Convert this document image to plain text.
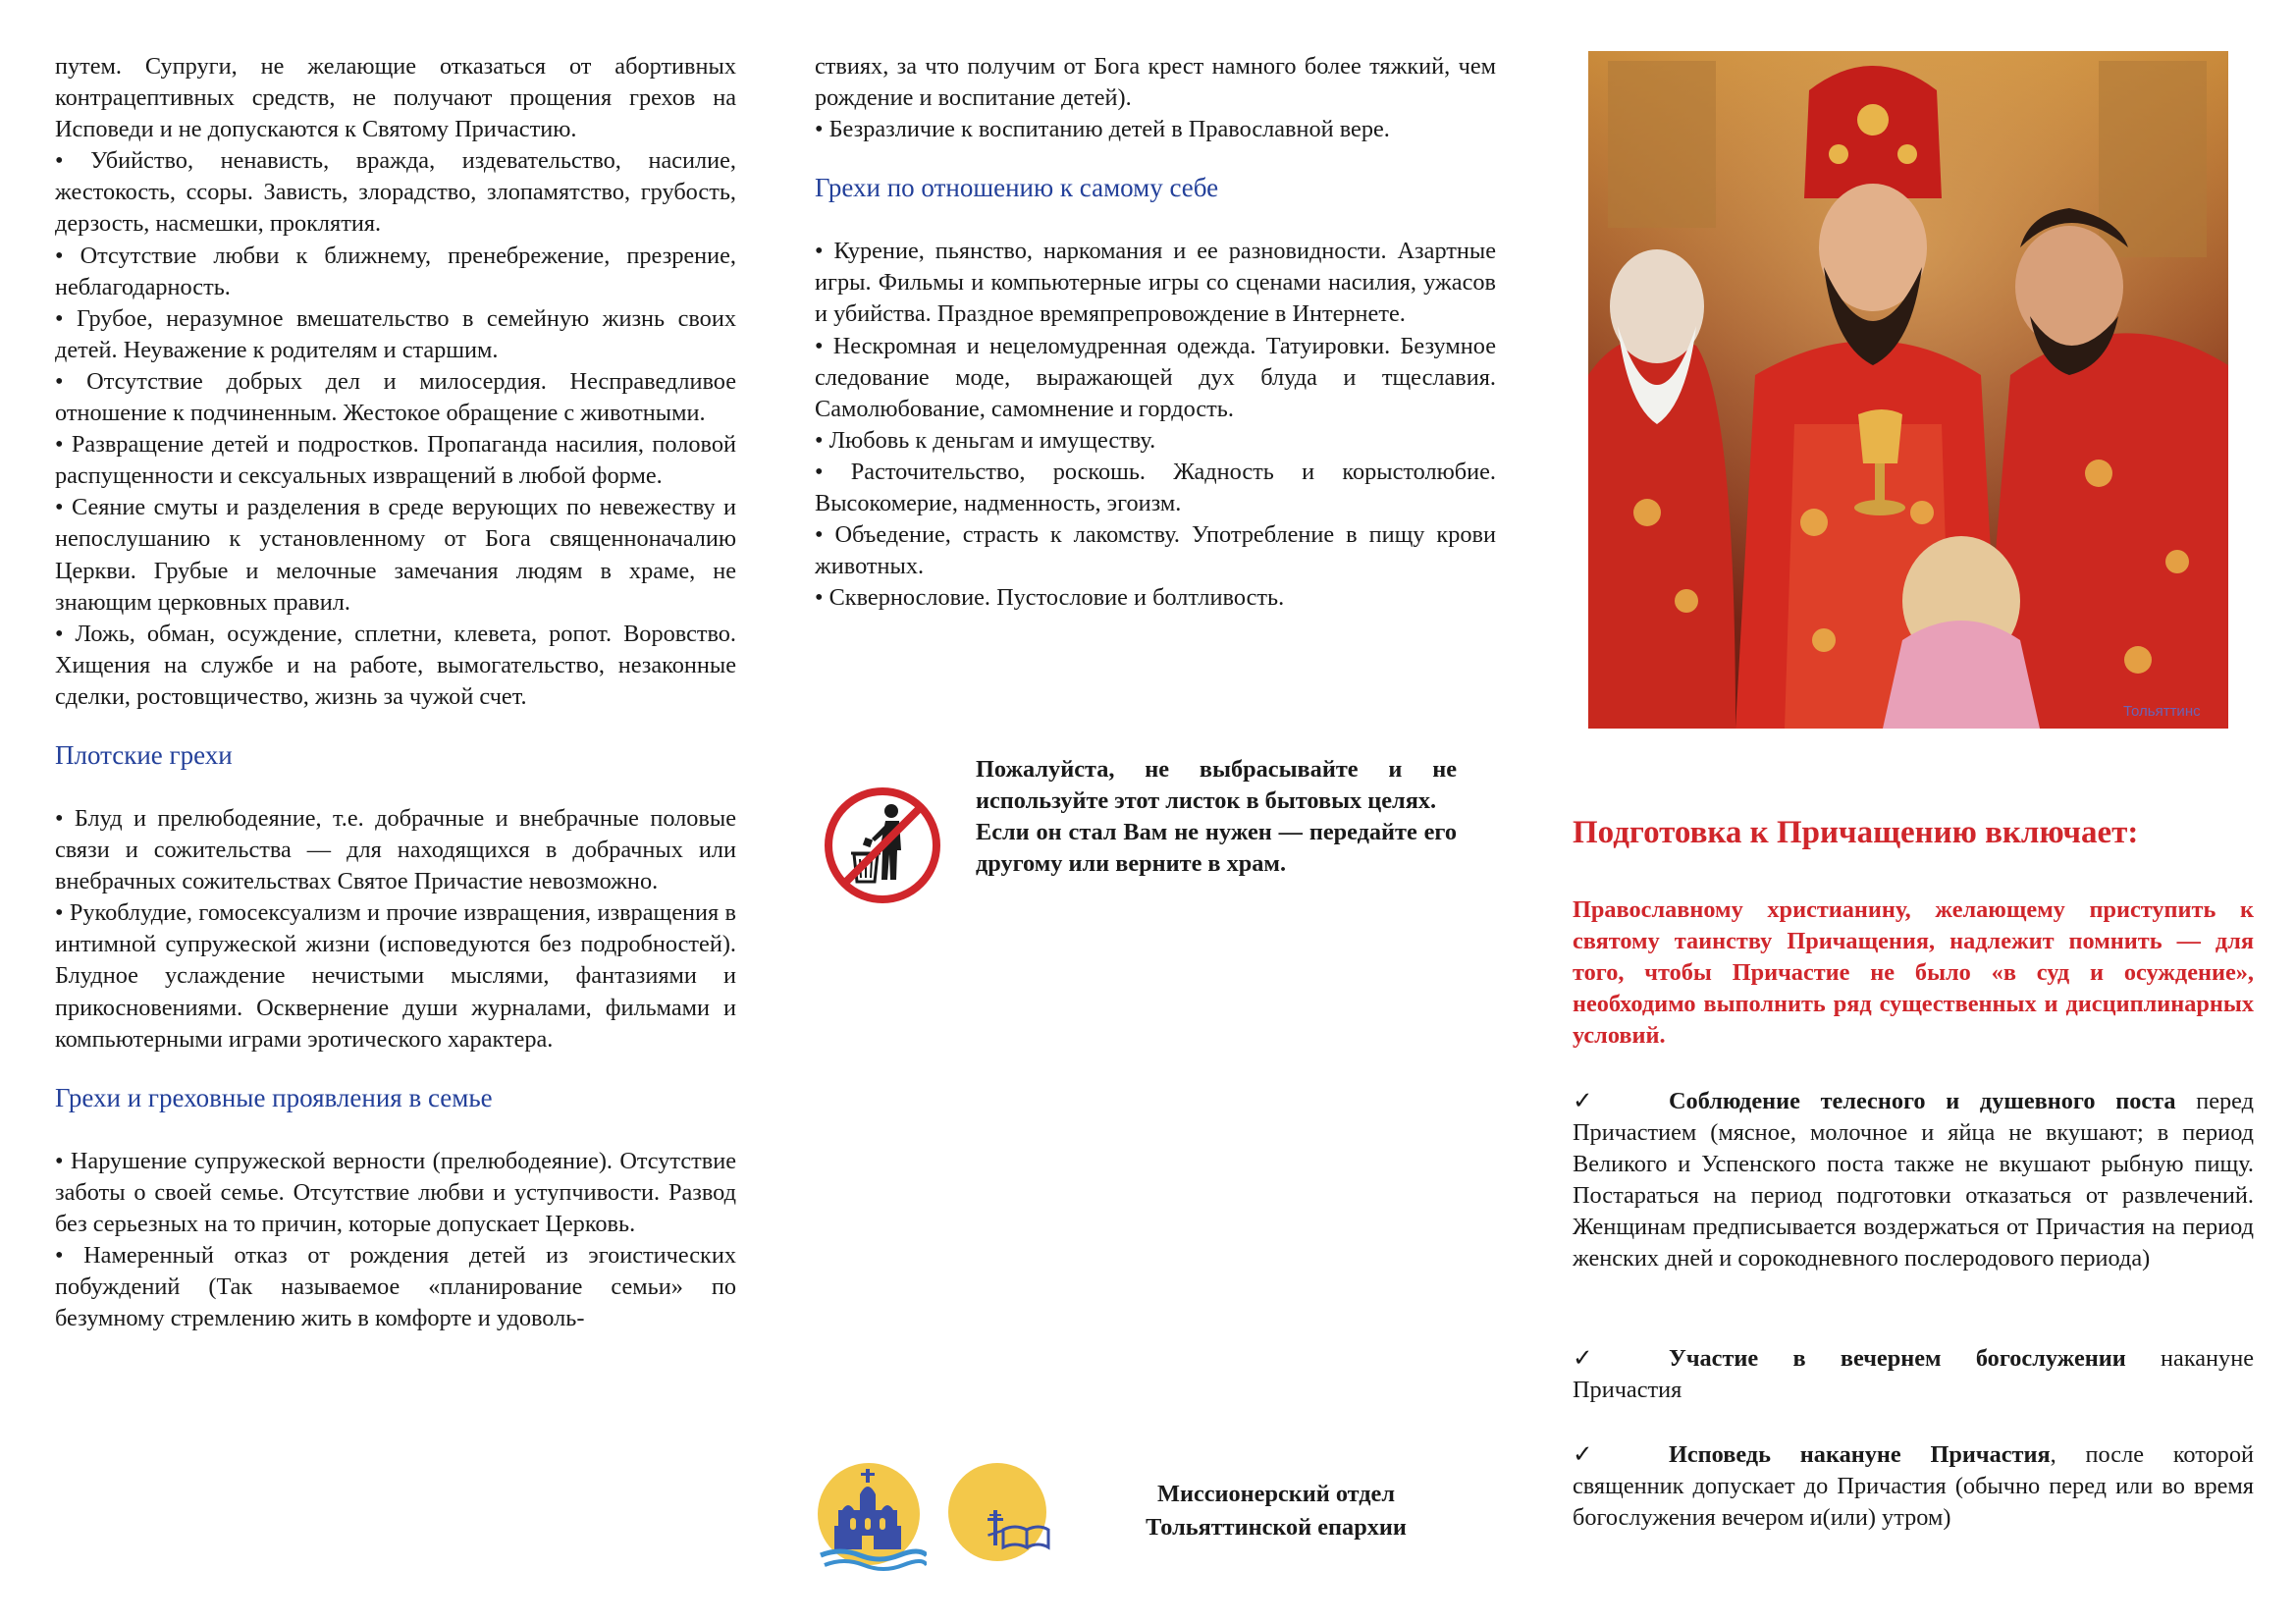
путем. Супруги, не желающие отказаться от абортивных контрацептивных средств, не получают прощения грехов на Исповеди и не допускаются к Святому Причастию.

• Убийство, ненависть, вражда, издевательство, насилие, жестокость, ссоры. Зависть, злорадство, злопамятство, грубость, дерзость, насмешки, проклятия.

• Отсутствие любви к ближнему, пренебрежение, презрение, неблагодарность.

• Грубое, неразумное вмешательство в семейную жизнь своих детей. Неуважение к родителям и старшим.

• Отсутствие добрых дел и милосердия. Несправедливое отношение к подчиненным. Жестокое обращение с животными.

• Развращение детей и подростков. Пропаганда насилия, половой распущенности и сексуальных извращений в любой форме.

• Сеяние смуты и разделения в среде верующих по невежеству и непослушанию к установленному от Бога священноначалию Церкви. Грубые и мелочные замечания людям в храме, не знающим церковных правил.

• Ложь, обман, осуждение, сплетни, клевета, ропот. Воровство. Хищения на службе и на работе, вымогательство, незаконные сделки, ростовщичество, жизнь за чужой счет.

Плотские грехи

• Блуд и прелюбодеяние, т.е. добрачные и внебрачные половые связи и сожительства — для находящихся в добрачных или внебрачных сожительствах Святое Причастие невозможно.

• Рукоблудие, гомосексуализм и прочие извращения, извращения в интимной супружеской жизни (исповедуются без подробностей). Блудное услаждение нечистыми мыслями, фантазиями и прикосновениями. Осквернение души журналами, фильмами и компьютерными играми эротического характера.

Грехи и греховные проявления в семье

• Нарушение супружеской верности (прелюбодеяние). Отсутствие заботы о своей семье. Отсутствие любви и уступчивости. Развод без серьезных на то причин, которые допускает Церковь.

• Намеренный отказ от рождения детей из эгоистических побуждений (Так называемое «планирование семьи» по безумному стремлению жить в комфорте и удоволь-

ствиях, за что получим от Бога крест намного более тяжкий, чем рождение и воспитание детей).

• Безразличие к воспитанию детей в Православной вере.

Грехи по отношению к самому себе

• Курение, пьянство, наркомания и ее разновидности. Азартные игры. Фильмы и компьютерные игры со сценами насилия, ужасов и убийства. Праздное времяпрепровождение в Интернете.

• Нескромная и нецеломудренная одежда. Татуировки. Безумное следование моде, выражающей дух блуда и тщеславия. Самолюбование, самомнение и гордость.

• Любовь к деньгам и имуществу.

• Расточительство, роскошь. Жадность и корыстолюбие. Высокомерие, надменность, эгоизм.

• Объедение, страсть к лакомству. Употребление в пищу крови животных.

• Сквернословие. Пустословие и болтливость.

Пожалуйста, не выбрасывайте и не используйте этот листок в бытовых целях.
Если он стал Вам не нужен — передайте его другому или верните в храм.
Миссионерский отдел
Тольяттинской епархии
Тольяттинс
Подготовка к Причащению включает:

Православному христианину, желающему приступить к святому таинству Причащения, надлежит помнить — для того, чтобы Причастие не было «в суд и осуждение», необходимо выполнить ряд существенных и дисциплинарных условий.

✓	Соблюдение телесного и душевного поста перед Причастием (мясное, молочное и яйца не вкушают; в период Великого и Успенского поста также не вкушают рыбную пищу. Постараться на период подготовки отказаться от развлечений. Женщинам предписывается воздержаться от Причастия на период женских дней и сорокодневного послеродового периода)

✓	Участие в вечернем богослужении накануне Причастия

✓	Исповедь накануне Причастия, после которой священник допускает до Причастия (обычно перед или во время богослужения вечером и(или) утром)
